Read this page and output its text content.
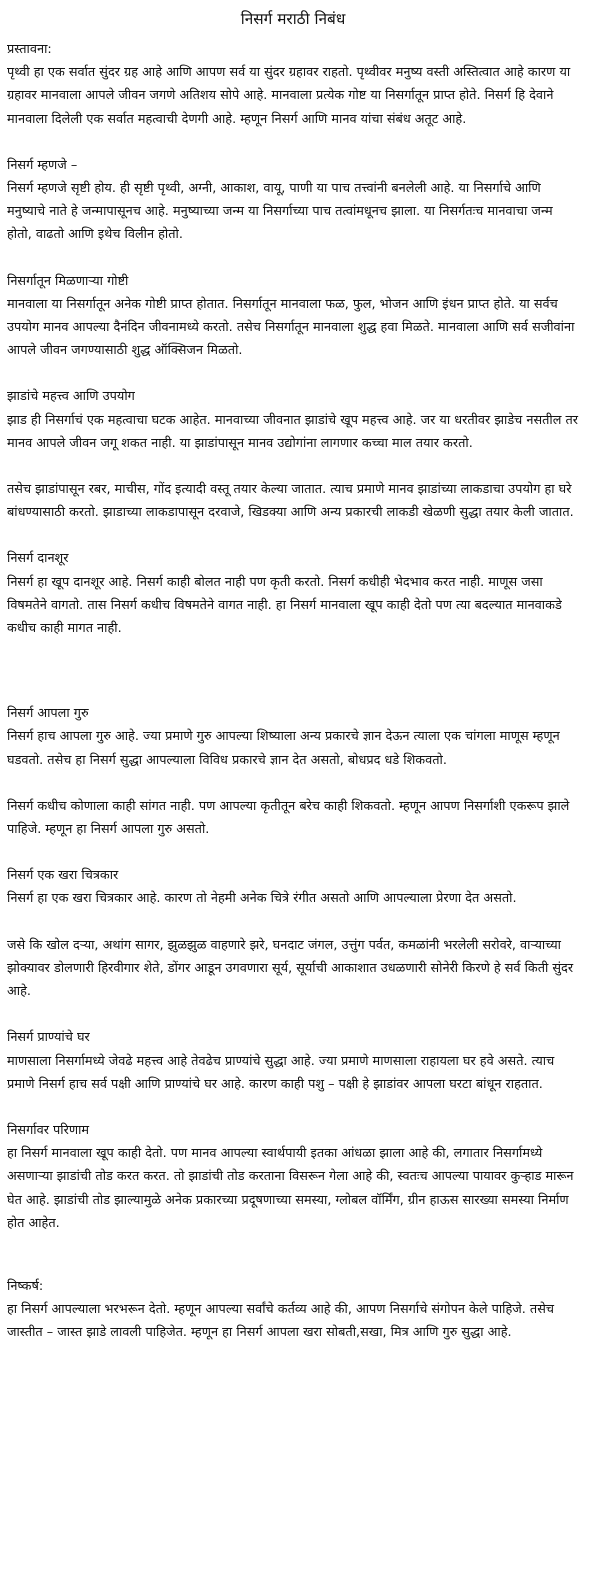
निसर्ग मराठी निबंध
प्रस्तावना:

पृथ्वी हा एक सर्वात सुंदर ग्रह आहे आणि आपण सर्व या सुंदर ग्रहावर राहतो. पृथ्वीवर मनुष्य वस्ती अस्तित्वात आहे कारण या ग्रहावर मानवाला आपले जीवन जगणे अतिशय सोपे आहे. मानवाला प्रत्येक गोष्ट या निसर्गातून प्राप्त होते. निसर्ग हि देवाने मानवाला दिलेली एक सर्वात महत्वाची देणगी आहे. म्हणून निसर्ग आणि मानव यांचा संबंध अतूट आहे.

निसर्ग म्हणजे –

निसर्ग म्हणजे सृष्टी होय. ही सृष्टी पृथ्वी, अग्नी, आकाश, वायू, पाणी या पाच तत्त्वांनी बनलेली आहे. या निसर्गाचे आणि मनुष्याचे नाते हे जन्मापासूनच आहे. मनुष्याच्या जन्म या निसर्गाच्या पाच तत्वांमधूनच झाला. या निसर्गतःच मानवाचा जन्म होतो, वाढतो आणि इथेच विलीन होतो.

निसर्गातून मिळणाऱ्या गोष्टी

मानवाला या निसर्गातून अनेक गोष्टी प्राप्त होतात. निसर्गातून मानवाला फळ, फुल, भोजन आणि इंधन प्राप्त होते. या सर्वच उपयोग मानव आपल्या दैनंदिन जीवनामध्ये करतो. तसेच निसर्गातून मानवाला शुद्ध हवा मिळते. मानवाला आणि सर्व सजीवांना आपले जीवन जगण्यासाठी शुद्ध ऑक्सिजन मिळतो.

झाडांचे महत्त्व आणि उपयोग

झाड ही निसर्गाचं एक महत्वाचा घटक आहेत. मानवाच्या जीवनात झाडांचे खूप महत्त्व आहे. जर या धरतीवर झाडेच नसतील तर मानव आपले जीवन जगू शकत नाही. या झाडांपासून मानव उद्योगांना लागणार कच्चा माल तयार करतो.

तसेच झाडांपासून रबर, माचीस, गोंद इत्यादी वस्तू तयार केल्या जातात. त्याच प्रमाणे मानव झाडांच्या लाकडाचा उपयोग हा घरे बांधण्यासाठी करतो. झाडाच्या लाकडापासून दरवाजे, खिडक्या आणि अन्य प्रकारची लाकडी खेळणी सुद्धा तयार केली जातात.

निसर्ग दानशूर

निसर्ग हा खूप दानशूर आहे. निसर्ग काही बोलत नाही पण कृती करतो. निसर्ग कधीही भेदभाव करत नाही. माणूस जसा विषमतेने वागतो. तास निसर्ग कधीच विषमतेने वागत नाही. हा निसर्ग मानवाला खूप काही देतो पण त्या बदल्यात मानवाकडे कधीच काही मागत नाही.

निसर्ग आपला गुरु

निसर्ग हाच आपला गुरु आहे. ज्या प्रमाणे गुरु आपल्या शिष्याला अन्य प्रकारचे ज्ञान देऊन त्याला एक चांगला माणूस म्हणून घडवतो. तसेच हा निसर्ग सुद्धा आपल्याला विविध प्रकारचे ज्ञान देत असतो, बोधप्रद धडे शिकवतो.

निसर्ग कधीच कोणाला काही सांगत नाही. पण आपल्या कृतीतून बरेच काही शिकवतो. म्हणून आपण निसर्गाशी एकरूप झाले पाहिजे. म्हणून हा निसर्ग आपला गुरु असतो.

निसर्ग एक खरा चित्रकार

निसर्ग हा एक खरा चित्रकार आहे. कारण तो नेहमी अनेक चित्रे रंगीत असतो आणि आपल्याला प्रेरणा देत असतो.

जसे कि खोल दऱ्या, अथांग सागर, झुळझुळ वाहणारे झरे, घनदाट जंगल, उत्तुंग पर्वत, कमळांनी भरलेली सरोवरे, वाऱ्याच्या झोक्यावर डोलणारी हिरवीगार शेते, डोंगर आडून उगवणारा सूर्य, सूर्याची आकाशात उधळणारी सोनेरी किरणे हे सर्व किती सुंदर आहे.

निसर्ग प्राण्यांचे घर

माणसाला निसर्गामध्ये जेवढे महत्त्व आहे तेवढेच प्राण्यांचे सुद्धा आहे. ज्या प्रमाणे माणसाला राहायला घर हवे असते. त्याच प्रमाणे निसर्ग हाच सर्व पक्षी आणि प्राण्यांचे घर आहे. कारण काही पशु – पक्षी हे झाडांवर आपला घरटा बांधून राहतात.

निसर्गावर परिणाम

हा निसर्ग मानवाला खूप काही देतो. पण मानव आपल्या स्वार्थपायी इतका आंधळा झाला आहे की, लगातार निसर्गामध्ये असणाऱ्या झाडांची तोड करत करत. तो झाडांची तोड करताना विसरून गेला आहे की, स्वतःच आपल्या पायावर कुऱ्हाड मारून घेत आहे. झाडांची तोड झाल्यामुळे अनेक प्रकारच्या प्रदूषणाच्या समस्या, ग्लोबल वॉर्मिंग, ग्रीन हाऊस सारख्या समस्या निर्माण होत आहेत.

निष्कर्ष:

हा निसर्ग आपल्याला भरभरून देतो. म्हणून आपल्या सर्वांचे कर्तव्य आहे की, आपण निसर्गाचे संगोपन केले पाहिजे. तसेच जास्तीत – जास्त झाडे लावली पाहिजेत. म्हणून हा निसर्ग आपला खरा सोबती,सखा, मित्र आणि गुरु सुद्धा आहे.
